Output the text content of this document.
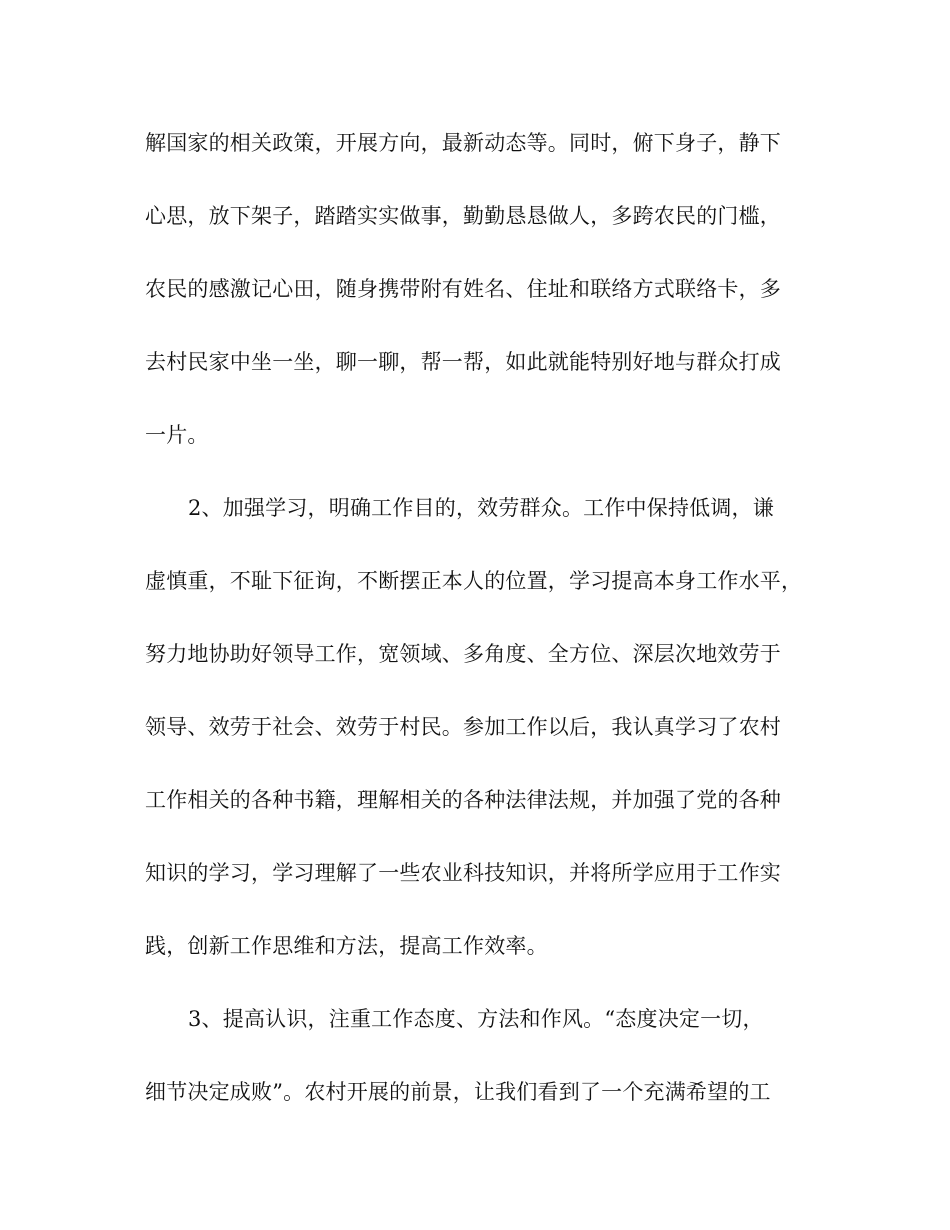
解国家的相关政策，开展方向，最新动态等。同时，俯下身子，静下
心思，放下架子，踏踏实实做事，勤勤恳恳做人，多跨农民的门槛，
农民的感激记心田，随身携带附有姓名、住址和联络方式联络卡，多
去村民家中坐一坐，聊一聊，帮一帮，如此就能特别好地与群众打成
一片。
2、加强学习，明确工作目的，效劳群众。工作中保持低调，谦
虚慎重，不耻下征询，不断摆正本人的位置，学习提高本身工作水平，
努力地协助好领导工作，宽领域、多角度、全方位、深层次地效劳于
领导、效劳于社会、效劳于村民。参加工作以后，我认真学习了农村
工作相关的各种书籍，理解相关的各种法律法规，并加强了党的各种
知识的学习，学习理解了一些农业科技知识，并将所学应用于工作实
践，创新工作思维和方法，提高工作效率。
3、提高认识，注重工作态度、方法和作风。“态度决定一切，
细节决定成败”。农村开展的前景，让我们看到了一个充满希望的工
